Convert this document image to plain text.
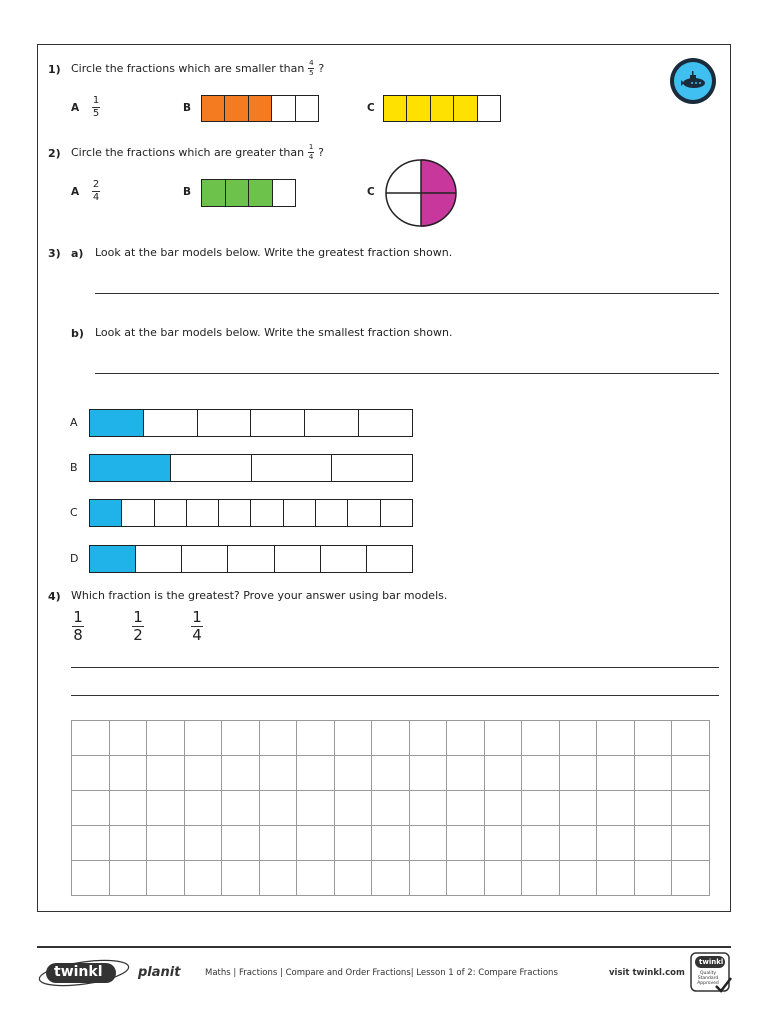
1) Circle the fractions which are smaller than $\frac{4}{5}$ ?
A
1
5	B	C
2) Circle the fractions which are greater than $\frac{1}{4}$ ?
A
2
4	B	C
3) a) Look at the bar models below. Write the greatest fraction shown.
b) Look at the bar models below. Write the smallest fraction shown.
A
B
C
D
4) Which fraction is the greatest? Prove your answer using bar models.
1
8
1
2
1
4

twinkl	planit	Maths | Fractions | Compare and Order Fractions| Lesson 1 of 2: Compare Fractions	visit twinkl.com
twinkl
Quality Standard Approved
